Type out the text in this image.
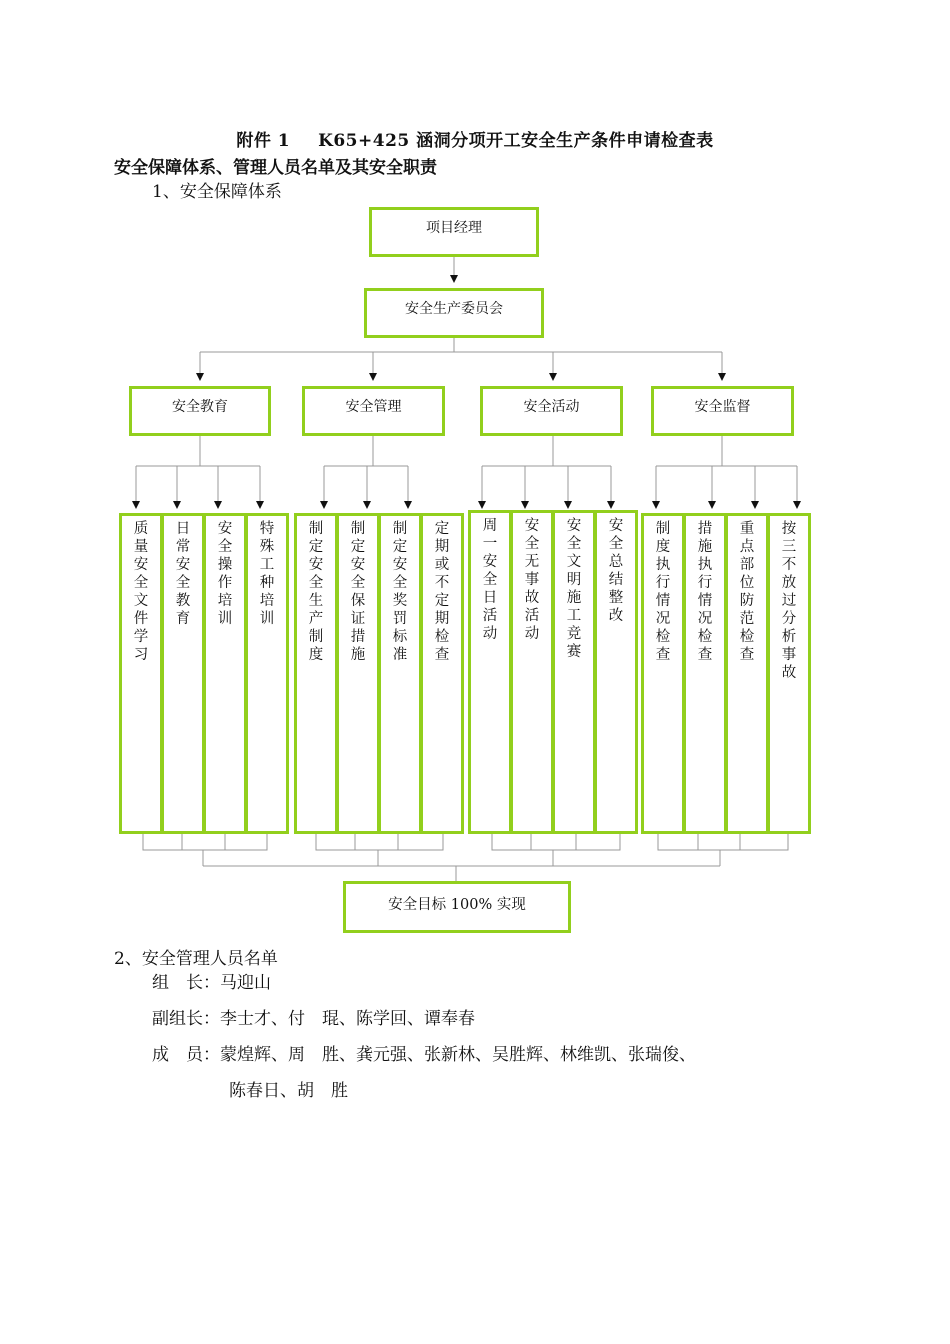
附件 1 K65+425 涵洞分项开工安全生产条件申请检查表
安全保障体系、管理人员名单及其安全职责
1、安全保障体系
项目经理
安全生产委员会
安全教育	安全管理	安全活动	安全监督
质量安全文件学习
日常安全教育
安全操作培训
特殊工种培训
制定安全生产制度
制定安全保证措施
制定安全奖罚标准
定期或不定期检查
周一安全日活动
安全无事故活动
安全文明施工竞赛
安全总结整改
制度执行情况检查
措施执行情况检查
重点部位防范检查
按三不放过分析事故
安全目标 100% 实现
2、安全管理人员名单
组　长：马迎山
副组长：李士才、付　琨、陈学回、谭奉春
成　员：蒙煌辉、周　胜、龚元强、张新林、吴胜辉、林维凯、张瑞俊、
陈春日、胡　胜
